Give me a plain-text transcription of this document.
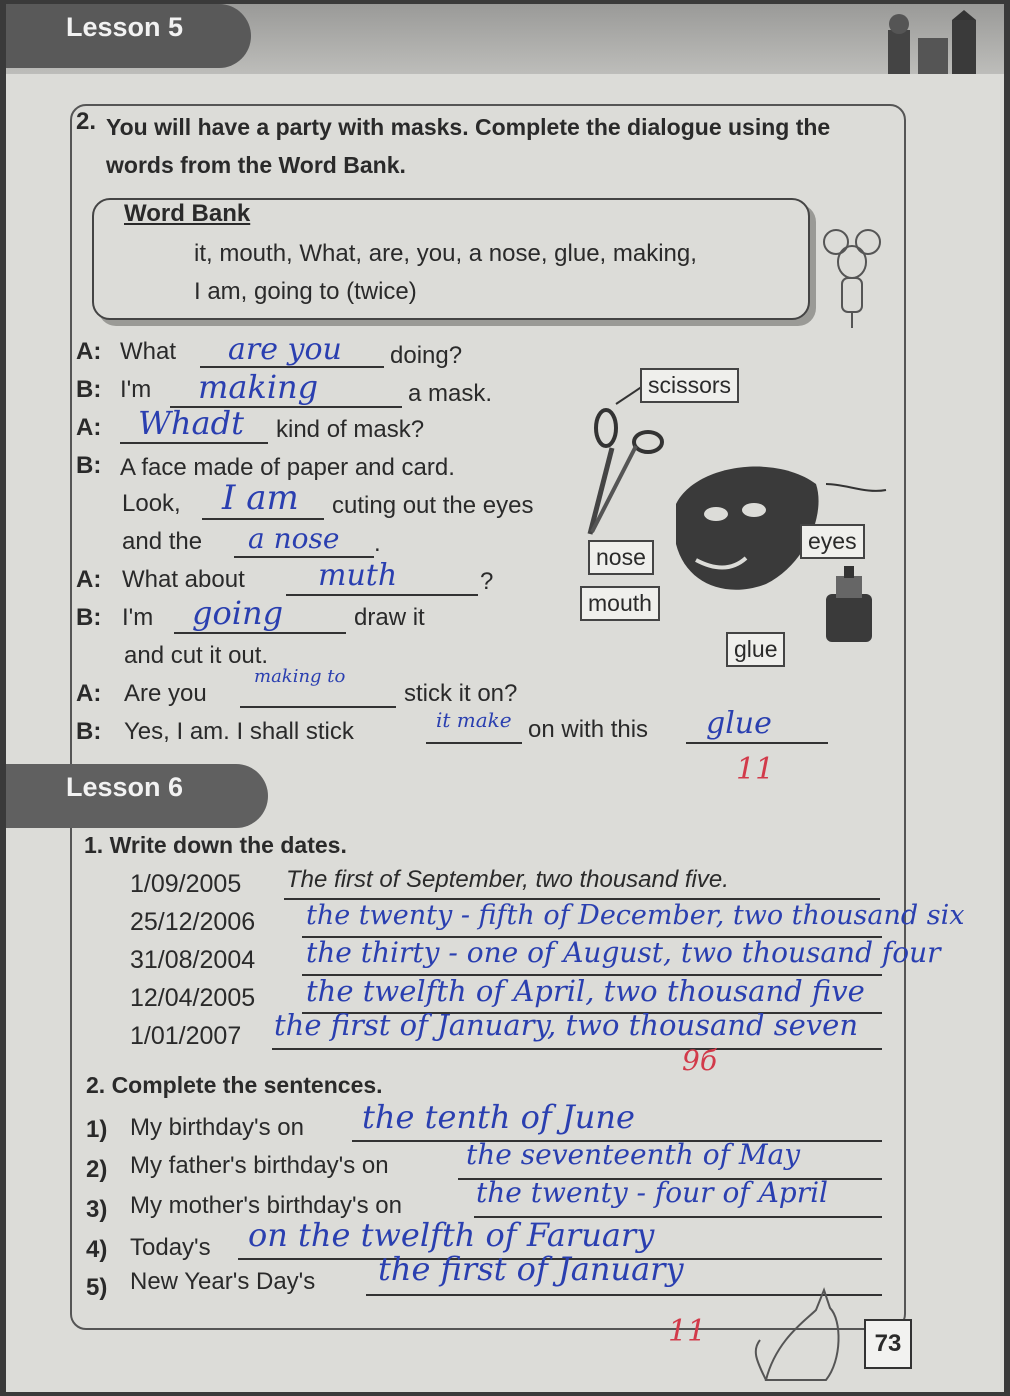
Lesson 5
2. You will have a party with masks. Complete the dialogue using the
words from the Word Bank.
Word Bank
it, mouth, What, are, you, a nose, glue, making,
I am, going to (twice)
A: What are you doing?
B: I'm making	a mask.
A: Whadt kind of mask?
B: A face made of paper and card.
Look, I am cuting out the eyes
and the a nose .
A: What about muth	?
B: I'm going	draw it
and cut it out.
A: Are you
making to
stick it on?
B: Yes, I am. I shall stick	it make on with this glue
11
scissors
eyes
nose
mouth
glue
Lesson 6
1. Write down the dates.
1/09/2005 The first of September, two thousand five.
25/12/2006 the twenty - fifth of December, two thousand six
31/08/2004 the thirty - one of August, two thousand four
12/04/2005 the twelfth of April, two thousand five
1/01/2007 the first of January, two thousand seven
9б
2. Complete the sentences.
1) My birthday's on the tenth of June
2) My father's birthday's on	the seventeenth of May
3) My mother's birthday's on	the twenty - four of April
4) Today's on the twelfth of Faruary
5) New Year's Day's the first of January
11	73
